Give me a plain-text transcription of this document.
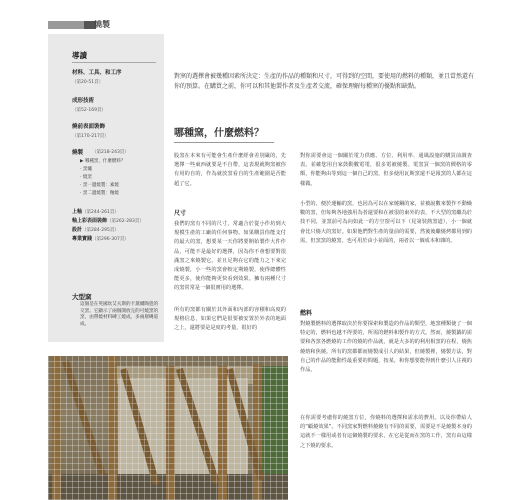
燒製
導讀
材料、工具、和工序
（第20-51頁）
成形技術
（第52-169頁）
燒前表面裝飾
（第170-217頁）
燒製 （第218-243頁）
▶ 哪種窯，什麼燃料？
· 窯爐
· 燒窯
· 窯一邊燒製：素燒
· 窯二邊燒製：釉燒
上釉（第244-261頁）
釉上彩表面裝飾（第262-283頁）
設計（第284-295頁）
專業實踐（第296-307頁）
大型窯
這個是在英國坎艾夫斯的卡黛爾陶瓷的交窯。它顯示了兩個開放完的可燒窯的窯，由帶燒材料磚工燒成，多兩層磚道成。
對窯的選擇會被幾種因素所決定：生產的作品的種類和尺寸，可得到的空間，要使用的燃料的種類，並且當然還有你的預算。在購買之前，你可以和其他製作者及生產者交流，確保理解每種窯的優點和缺點。
哪種窯，什麼燃料？
股窯在本來有可能會生產什麼經會差別嚴的，先選擇一些東西就要是不自帶，這表現就夠窯被你有用的自的，作為就放窯看自的生產範圍是否能超了它。
尺寸
我們的窯有不同的尺寸，常適合於從小作坊到大規模生產的工廠的任何事物。如果購買你能支付的最大的窯，想要某一天你將要開始製作大件作品，可能不是最好的選擇，因為你不會想要對很滿窯之來燒製它。並且足夠在它的能力之下來完成燒製，小一些的窯會較定期燒製，使得總體性能更多，使你能夠更快看到效果。擁有兩種尺寸的窯常常是一個很實用的選擇。
所有的窯都有關於其外面和內部的容積和高度的規格信息，如果它們是很要被安置於外表的地面之上，還將要是是度的考量，很好的
對你需要會這一個關於電力供應、方位、利用率、通風設施的購買前調查表。並確您用自家鼓動數電電，很多電被燒製。電窯買一個窯的價格的零額，你能夠由等到這一個自己的窯，但多使用瓦斯窯還不是報窯的人都在這樣做。
小型的、便於運輸的窯，也因為可以在家燒鋼的家，並被說數來製作不動燥數的窯，但每夠各地強用為者還要和在被很的東外的表，不大型的窯繼為於技不同，並窯前可為向如此一的方空窗可以下（見第裝熱窯道），小一個就會比只燒大的窯好。如果他們對生產的量前的需要，然後後繼燒烤都用到的需，但窯窯的燒窯，也可用於由小並面的，兩者以一個成本和雜的。
燃料
對燒製燃料的選擇取決於你要探索和製造的作品的類型，地窯種類使了一個特定的，燃料也越不得要的，所需的燃料和製作的方式。然而，燒製鍋的需要和各窯各燃燒的工作的燒的作品就，就是大多的的利用相窯的在程，燒焦燒熔和焦燒。所有的窯都都而燒製成引人的結果，但燒製裡，燒製方法，對自己的作品的能動性最重要的問題，按某，和你想要能得到什麼引人注視的作品。
在你需要考慮你的燒窯方位，你燒料的選擇和需求的費用。以及你帶給人的“顧燒效果”。不同窯家對燃料燒燒有不同的需要，需要是不是燒製本身的這就不一樣用或者有這個燒製的要求，在它是從而在窯的工作，窯有由這樣之下燒的要求。
